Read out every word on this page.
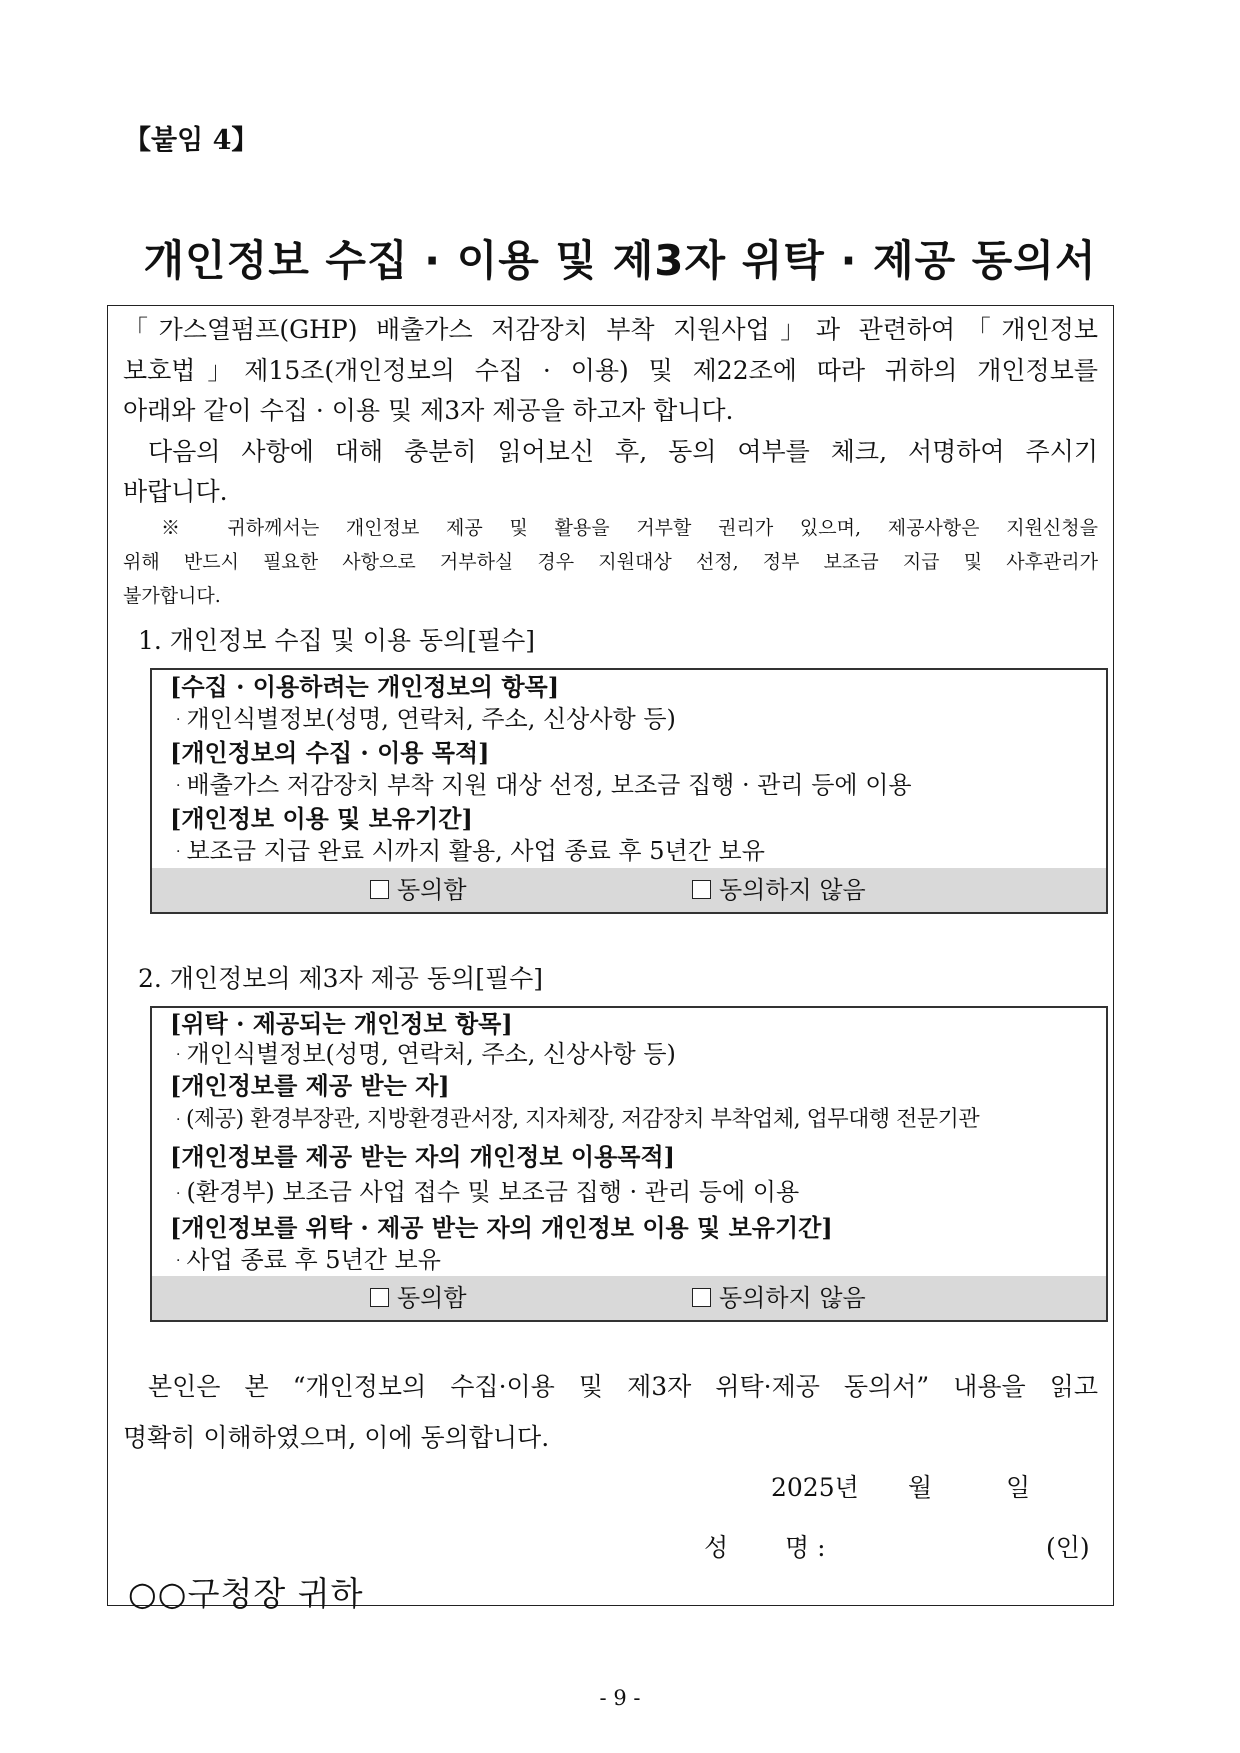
【붙임 4】
개인정보 수집 · 이용 및 제3자 위탁 · 제공 동의서

「가스열펌프(GHP) 배출가스 저감장치 부착 지원사업」과 관련하여「개인정보

보호법」제15조(개인정보의 수집 · 이용) 및 제22조에 따라 귀하의 개인정보를

아래와 같이 수집 · 이용 및 제3자 제공을 하고자 합니다.

다음의 사항에 대해 충분히 읽어보신 후, 동의 여부를 체크, 서명하여 주시기

바랍니다.

※ 귀하께서는 개인정보 제공 및 활용을 거부할 권리가 있으며, 제공사항은 지원신청을
위해 반드시 필요한 사항으로 거부하실 경우 지원대상 선정, 정부 보조금 지급 및 사후관리가
불가합니다.
1. 개인정보 수집 및 이용 동의[필수]
[수집 · 이용하려는 개인정보의 항목]
· 개인식별정보(성명, 연락처, 주소, 신상사항 등)
[개인정보의 수집 · 이용 목적]
· 배출가스 저감장치 부착 지원 대상 선정, 보조금 집행 · 관리 등에 이용
[개인정보 이용 및 보유기간]
· 보조금 지급 완료 시까지 활용, 사업 종료 후 5년간 보유
동의함	동의하지 않음
2. 개인정보의 제3자 제공 동의[필수]
[위탁 · 제공되는 개인정보 항목]
· 개인식별정보(성명, 연락처, 주소, 신상사항 등)
[개인정보를 제공 받는 자]
· (제공) 환경부장관, 지방환경관서장, 지자체장, 저감장치 부착업체, 업무대행 전문기관
[개인정보를 제공 받는 자의 개인정보 이용목적]
· (환경부) 보조금 사업 접수 및 보조금 집행 · 관리 등에 이용
[개인정보를 위탁 · 제공 받는 자의 개인정보 이용 및 보유기간]
· 사업 종료 후 5년간 보유
동의함	동의하지 않음

본인은 본 “개인정보의 수집·이용 및 제3자 위탁·제공 동의서” 내용을 읽고

명확히 이해하였으며, 이에 동의합니다.

2025년 월	일
성 명 :	(인)
○○구청장 귀하
- 9 -
